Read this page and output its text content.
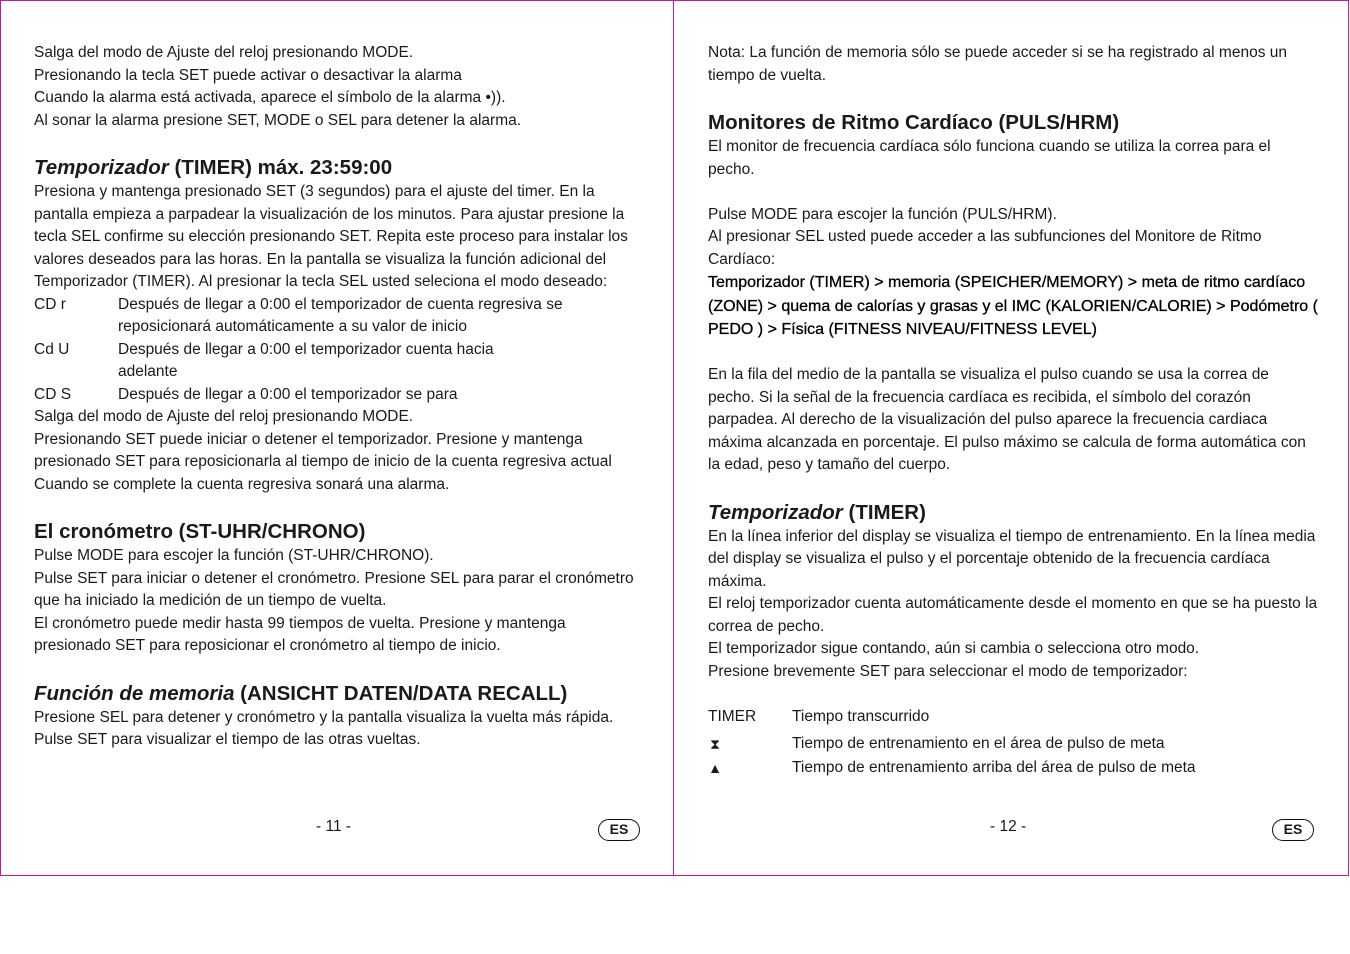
Salga del modo de Ajuste del reloj presionando MODE.

Presionando la tecla SET puede activar o desactivar la alarma

Cuando la alarma está activada, aparece el símbolo de la alarma •)).

Al sonar la alarma presione SET, MODE o SEL para detener la alarma.

Temporizador (TIMER) máx. 23:59:00

Presiona y mantenga presionado SET (3 segundos) para el ajuste del timer. En la pantalla empieza a parpadear la visualización de los minutos. Para ajustar presione la tecla SEL confirme su elección presionando SET. Repita este proceso para instalar los valores deseados para las horas. En la pantalla se visualiza la función adicional del Temporizador (TIMER). Al presionar la tecla SEL usted seleciona el modo deseado:

CD r	Después de llegar a 0:00 el temporizador de cuenta regresiva se reposicionará automáticamente a su valor de inicio
Cd U	Después de llegar a 0:00 el temporizador cuenta hacia adelante
CD S	Después de llegar a 0:00 el temporizador se para

Salga del modo de Ajuste del reloj presionando MODE.

Presionando SET puede iniciar o detener el temporizador. Presione y mantenga presionado SET para reposicionarla al tiempo de inicio de la cuenta regresiva actual Cuando se complete la cuenta regresiva sonará una alarma.

El cronómetro (ST-UHR/CHRONO)

Pulse MODE para escojer la función (ST-UHR/CHRONO).

Pulse SET para iniciar o detener el cronómetro. Presione SEL para parar el cronómetro que ha iniciado la medición de un tiempo de vuelta.

El cronómetro puede medir hasta 99 tiempos de vuelta. Presione y mantenga presionado SET para reposicionar el cronómetro al tiempo de inicio.

Función de memoria (ANSICHT DATEN/DATA RECALL)

Presione SEL para detener y cronómetro y la pantalla visualiza la vuelta más rápida. Pulse SET para visualizar el tiempo de las otras vueltas.

- 11 -	ES

Nota: La función de memoria sólo se puede acceder si se ha registrado al menos un tiempo de vuelta.

Monitores de Ritmo Cardíaco (PULS/HRM)

El monitor de frecuencia cardíaca sólo funciona cuando se utiliza la correa para el pecho.

Pulse MODE para escojer la función (PULS/HRM).

Al presionar SEL usted puede acceder a las subfunciones del Monitore de Ritmo Cardíaco:

Temporizador (TIMER) > memoria (SPEICHER/MEMORY) > meta de ritmo cardíaco (ZONE) > quema de calorías y grasas y el IMC (KALORIEN/CALORIE) > Podómetro ( PEDO ) > Física (FITNESS NIVEAU/FITNESS LEVEL)

En la fila del medio de la pantalla se visualiza el pulso cuando se usa la correa de pecho. Si la señal de la frecuencia cardíaca es recibida, el símbolo del corazón parpadea. Al derecho de la visualización del pulso aparece la frecuencia cardiaca máxima alcanzada en porcentaje. El pulso máximo se calcula de forma automática con la edad, peso y tamaño del cuerpo.

Temporizador (TIMER)

En la línea inferior del display se visualiza el tiempo de entrenamiento. En la línea media del display se visualiza el pulso y el porcentaje obtenido de la frecuencia cardíaca máxima.

El reloj temporizador cuenta automáticamente desde el momento en que se ha puesto la correa de pecho.

El temporizador sigue contando, aún si cambia o selecciona otro modo.

Presione brevemente SET para seleccionar el modo de temporizador:

TIMER	Tiempo transcurrido
⧗	Tiempo de entrenamiento en el área de pulso de meta
▲	Tiempo de entrenamiento arriba del área de pulso de meta
- 12 -	ES
